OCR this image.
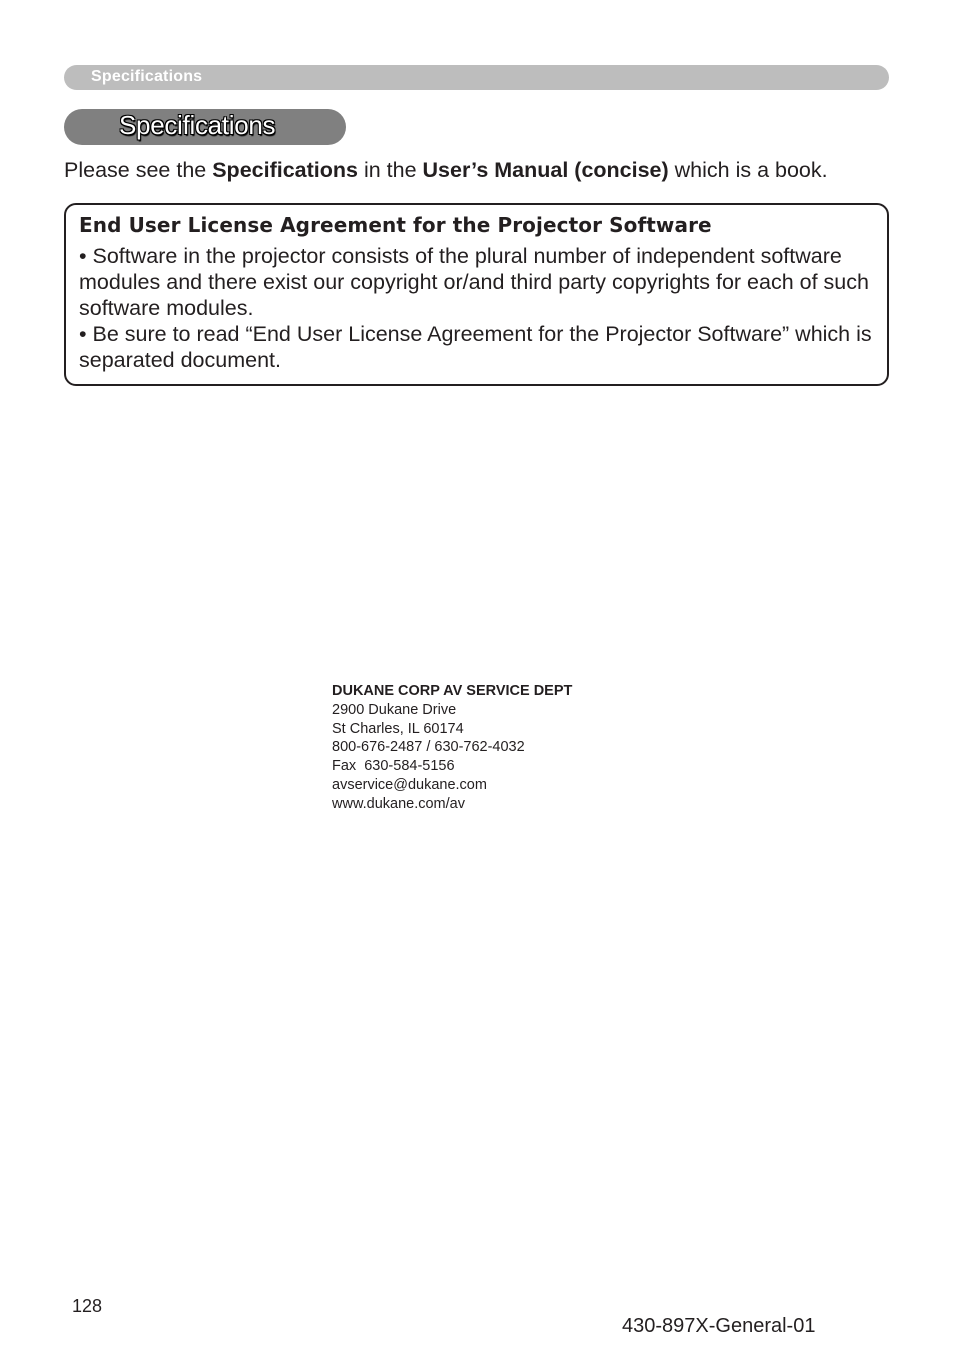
Specifications
Specifications
Please see the Specifications in the User’s Manual (concise) which is a book.
End User License Agreement for the Projector Software

• Software in the projector consists of the plural number of independent software modules and there exist our copyright or/and third party copyrights for each of such software modules.

• Be sure to read “End User License Agreement for the Projector Software” which is separated document.

DUKANE CORP AV SERVICE DEPT
2900 Dukane Drive
St Charles, IL 60174
800-676-2487 / 630-762-4032
Fax  630-584-5156
avservice@dukane.com
www.dukane.com/av
128
430-897X-General-01
